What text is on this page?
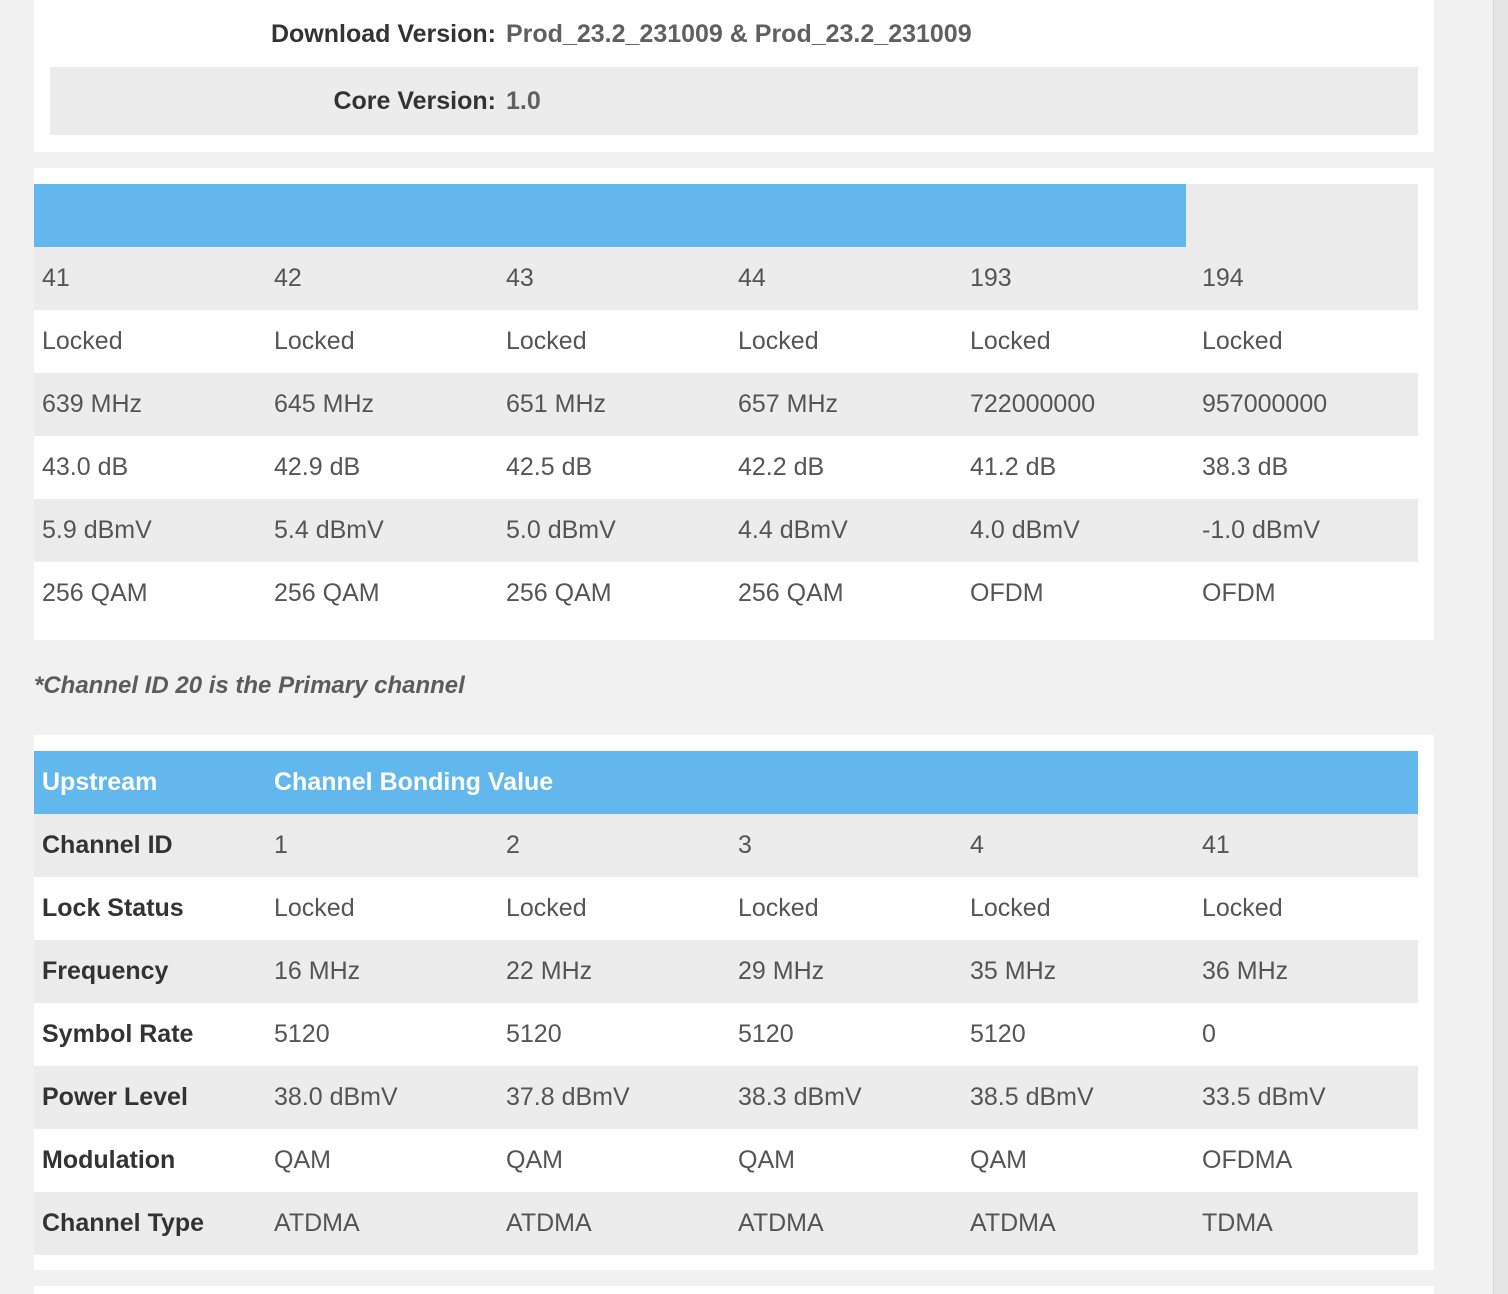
Download Version: Prod_23.2_231009 & Prod_23.2_231009
Core Version: 1.0
41	42	43	44	193	194
Locked	Locked	Locked	Locked	Locked	Locked
639 MHz	645 MHz	651 MHz	657 MHz	722000000	957000000
43.0 dB	42.9 dB	42.5 dB	42.2 dB	41.2 dB	38.3 dB
5.9 dBmV	5.4 dBmV	5.0 dBmV	4.4 dBmV	4.0 dBmV	-1.0 dBmV
256 QAM	256 QAM	256 QAM	256 QAM	OFDM	OFDM
*Channel ID 20 is the Primary channel
Upstream	Channel Bonding Value
Channel ID	1	2	3	4	41
Lock Status	Locked	Locked	Locked	Locked	Locked
Frequency	16 MHz	22 MHz	29 MHz	35 MHz	36 MHz
Symbol Rate	5120	5120	5120	5120	0
Power Level	38.0 dBmV	37.8 dBmV	38.3 dBmV	38.5 dBmV	33.5 dBmV
Modulation	QAM	QAM	QAM	QAM	OFDMA
Channel Type	ATDMA	ATDMA	ATDMA	ATDMA	TDMA
